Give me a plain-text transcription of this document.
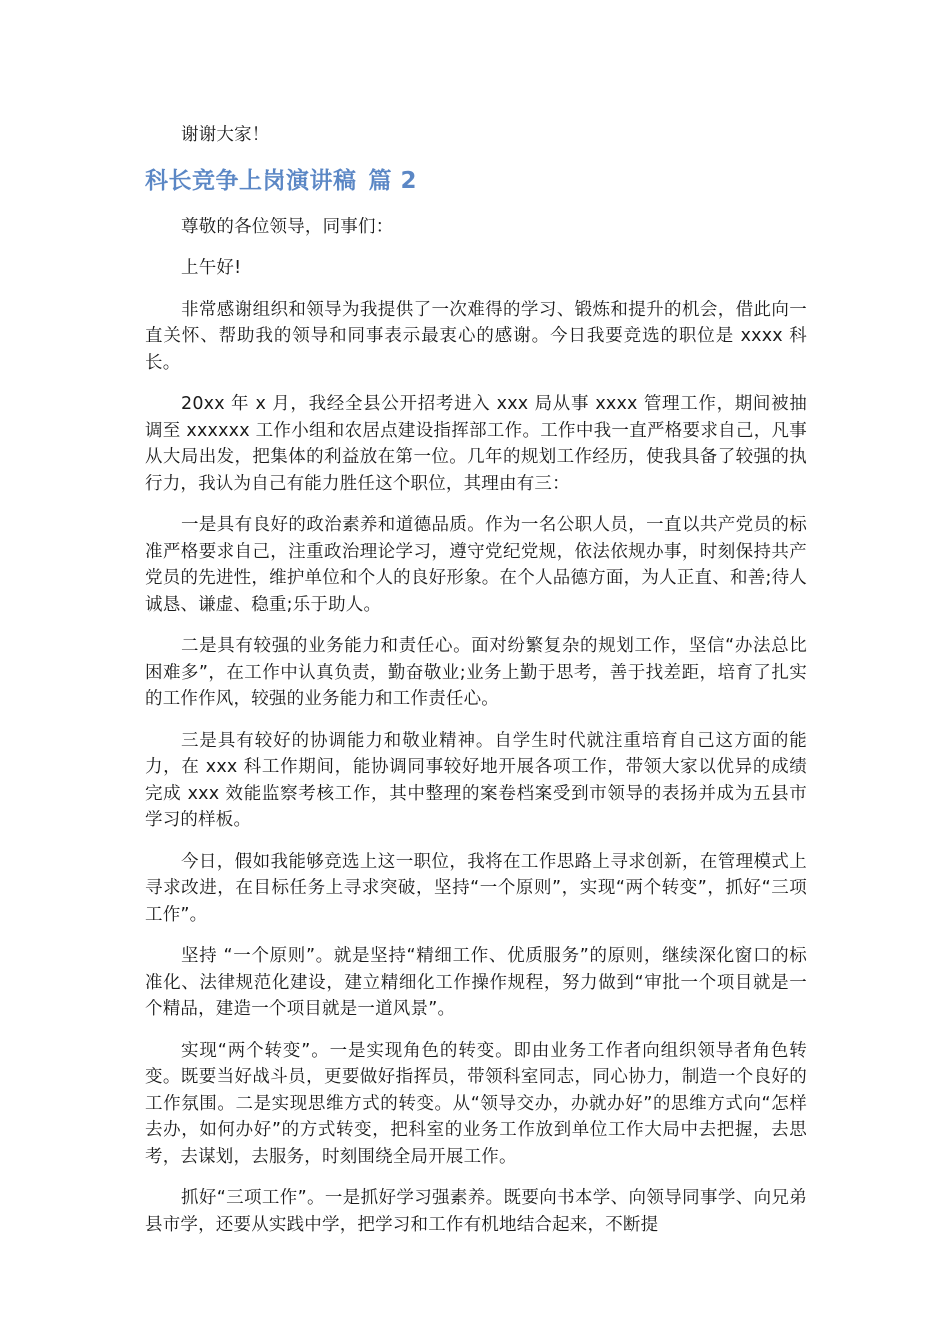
谢谢大家！

科长竞争上岗演讲稿 篇 2

尊敬的各位领导，同事们：

上午好!

非常感谢组织和领导为我提供了一次难得的学习、锻炼和提升的机会，借此向一直关怀、帮助我的领导和同事表示最衷心的感谢。今日我要竞选的职位是 xxxx 科长。

20xx 年 x 月，我经全县公开招考进入 xxx 局从事 xxxx 管理工作，期间被抽调至 xxxxxx 工作小组和农居点建设指挥部工作。工作中我一直严格要求自己，凡事从大局出发，把集体的利益放在第一位。几年的规划工作经历，使我具备了较强的执行力，我认为自己有能力胜任这个职位，其理由有三：

一是具有良好的政治素养和道德品质。作为一名公职人员，一直以共产党员的标准严格要求自己，注重政治理论学习，遵守党纪党规，依法依规办事，时刻保持共产党员的先进性，维护单位和个人的良好形象。在个人品德方面，为人正直、和善;待人诚恳、谦虚、稳重;乐于助人。

二是具有较强的业务能力和责任心。面对纷繁复杂的规划工作，坚信“办法总比困难多”，在工作中认真负责，勤奋敬业;业务上勤于思考，善于找差距，培育了扎实的工作作风，较强的业务能力和工作责任心。

三是具有较好的协调能力和敬业精神。自学生时代就注重培育自己这方面的能力，在 xxx 科工作期间，能协调同事较好地开展各项工作，带领大家以优异的成绩完成 xxx 效能监察考核工作，其中整理的案卷档案受到市领导的表扬并成为五县市学习的样板。

今日，假如我能够竞选上这一职位，我将在工作思路上寻求创新，在管理模式上寻求改进，在目标任务上寻求突破，坚持“一个原则”，实现“两个转变”，抓好“三项工作”。

坚持 “一个原则”。就是坚持“精细工作、优质服务”的原则，继续深化窗口的标准化、法律规范化建设，建立精细化工作操作规程，努力做到“审批一个项目就是一个精品，建造一个项目就是一道风景”。

实现“两个转变”。一是实现角色的转变。即由业务工作者向组织领导者角色转变。既要当好战斗员，更要做好指挥员，带领科室同志，同心协力，制造一个良好的工作氛围。二是实现思维方式的转变。从“领导交办，办就办好”的思维方式向“怎样去办，如何办好”的方式转变，把科室的业务工作放到单位工作大局中去把握，去思考，去谋划，去服务，时刻围绕全局开展工作。

抓好“三项工作”。一是抓好学习强素养。既要向书本学、向领导同事学、向兄弟县市学，还要从实践中学，把学习和工作有机地结合起来，不断提
